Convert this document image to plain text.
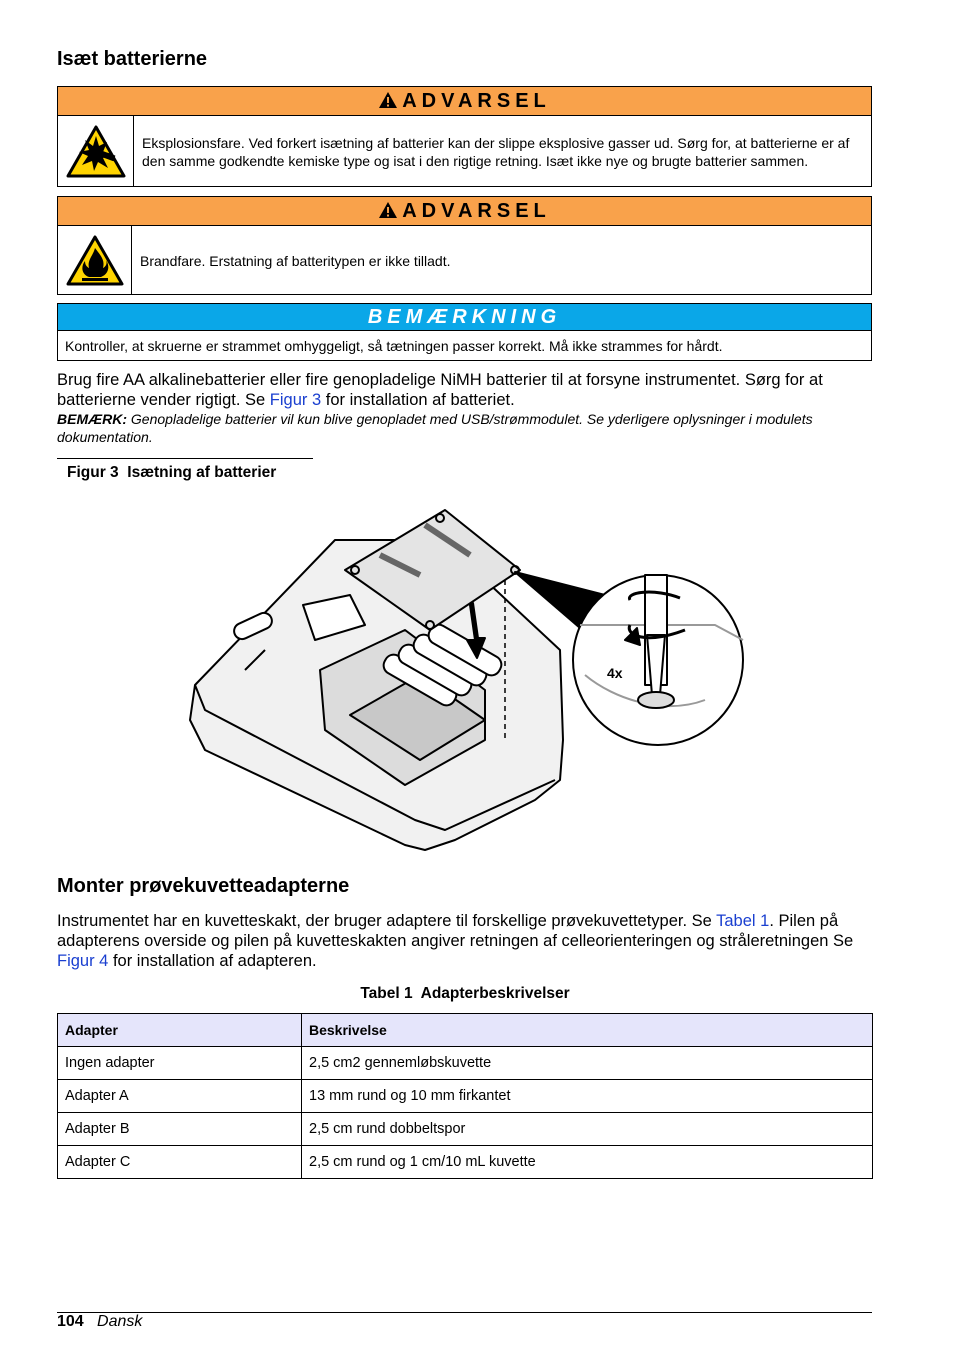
Isæt batterierne
ADVARSEL
Eksplosionsfare. Ved forkert isætning af batterier kan der slippe eksplosive gasser ud. Sørg for, at batterierne er af den samme godkendte kemiske type og isat i den rigtige retning. Isæt ikke nye og brugte batterier sammen.
ADVARSEL
Brandfare. Erstatning af batteritypen er ikke tilladt.
BEMÆRKNING
Kontroller, at skruerne er strammet omhyggeligt, så tætningen passer korrekt. Må ikke strammes for hårdt.
Brug fire AA alkalinebatterier eller fire genopladelige NiMH batterier til at forsyne instrumentet. Sørg for at batterierne vender rigtigt. Se Figur 3 for installation af batteriet.
BEMÆRK: Genopladelige batterier vil kun blive genopladet med USB/strømmodulet. Se yderligere oplysninger i modulets dokumentation.
Figur 3 Isætning af batterier
4x
Monter prøvekuvetteadapterne
Instrumentet har en kuvetteskakt, der bruger adaptere til forskellige prøvekuvettetyper. Se Tabel 1. Pilen på adapterens overside og pilen på kuvetteskakten angiver retningen af celleorienteringen og stråleretningen Se Figur 4 for installation af adapteren.
Tabel 1 Adapterbeskrivelser
Adapter	Beskrivelse
Ingen adapter	2,5 cm2 gennemløbskuvette
Adapter A	13 mm rund og 10 mm firkantet
Adapter B	2,5 cm rund dobbeltspor
Adapter C	2,5 cm rund og 1 cm/10 mL kuvette
104 Dansk
